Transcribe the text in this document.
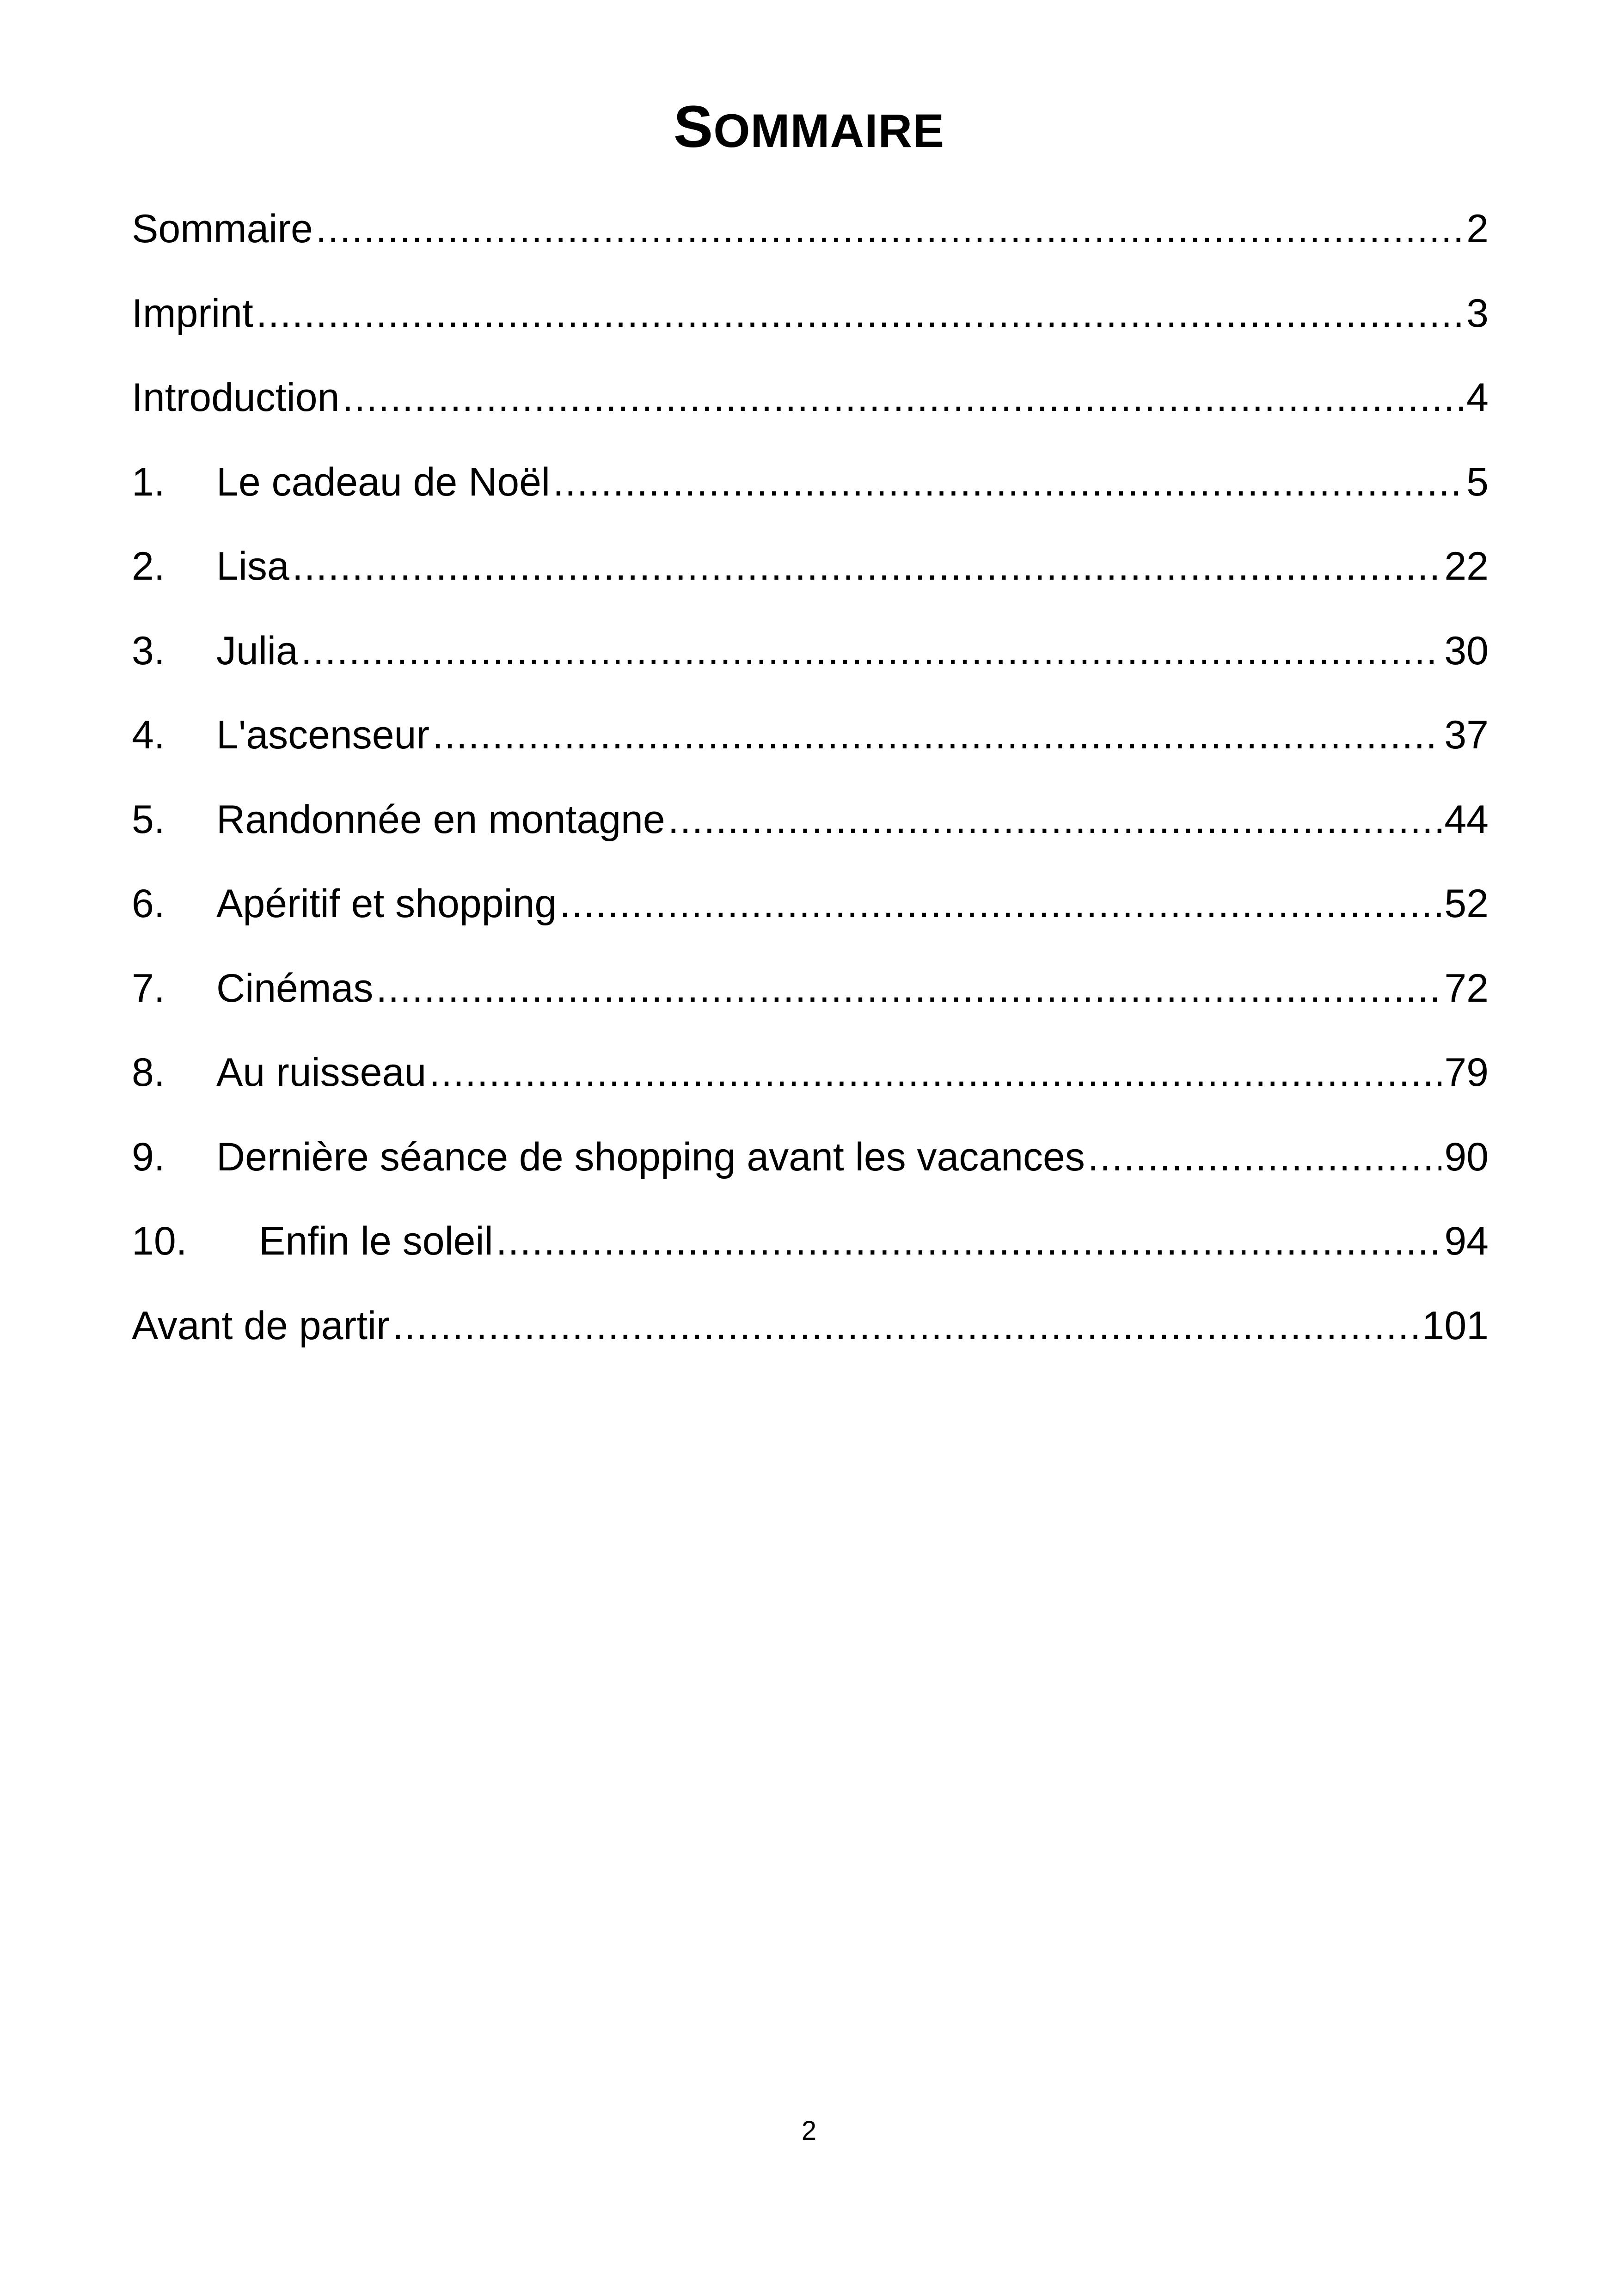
SOMMAIRE
Sommaire .....	2
Imprint .....	3
Introduction .....	4
1.	Le cadeau de Noël .....	5
2.	Lisa .....	22
3.	Julia .....	30
4.	L'ascenseur .....	37
5.	Randonnée en montagne .....	44
6.	Apéritif et shopping .....	52
7.	Cinémas .....	72
8.	Au ruisseau .....	79
9.	Dernière séance de shopping avant les vacances .....	90
10.	Enfin le soleil .....	94
Avant de partir .....	101
2
